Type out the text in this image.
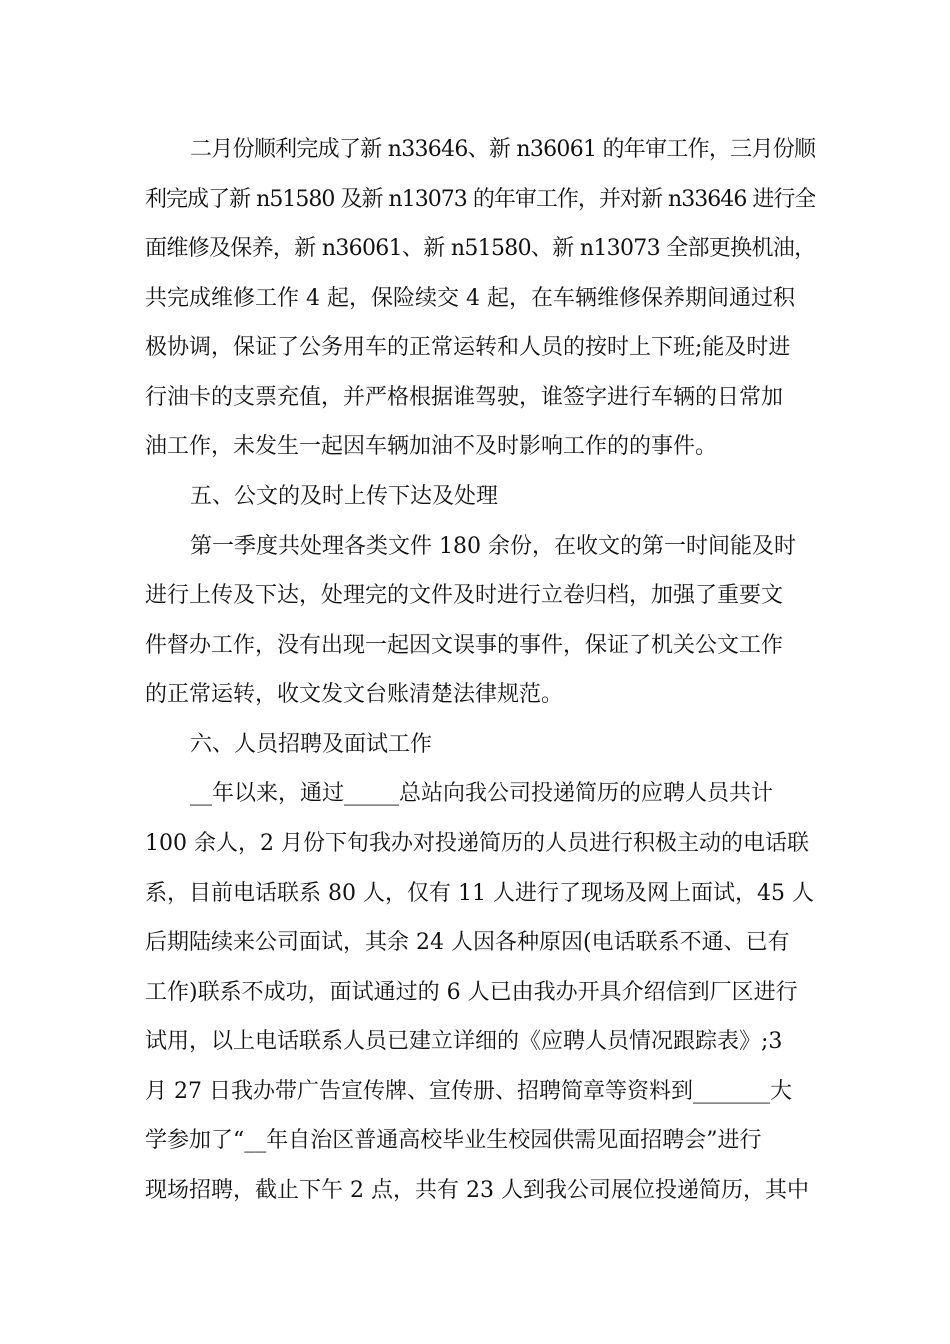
二月份顺利完成了新 n33646、新 n36061 的年审工作，三月份顺
利完成了新 n51580 及新 n13073 的年审工作，并对新 n33646 进行全
面维修及保养，新 n36061、新 n51580、新 n13073 全部更换机油，
共完成维修工作 4 起，保险续交 4 起，在车辆维修保养期间通过积
极协调，保证了公务用车的正常运转和人员的按时上下班;能及时进
行油卡的支票充值，并严格根据谁驾驶，谁签字进行车辆的日常加
油工作，未发生一起因车辆加油不及时影响工作的的事件。
五、公文的及时上传下达及处理
第一季度共处理各类文件 180 余份，在收文的第一时间能及时
进行上传及下达，处理完的文件及时进行立卷归档，加强了重要文
件督办工作，没有出现一起因文误事的事件，保证了机关公文工作
的正常运转，收文发文台账清楚法律规范。
六、人员招聘及面试工作
__年以来，通过_____总站向我公司投递简历的应聘人员共计
100 余人，2 月份下旬我办对投递简历的人员进行积极主动的电话联
系，目前电话联系 80 人，仅有 11 人进行了现场及网上面试，45 人
后期陆续来公司面试，其余 24 人因各种原因(电话联系不通、已有
工作)联系不成功，面试通过的 6 人已由我办开具介绍信到厂区进行
试用，以上电话联系人员已建立详细的《应聘人员情况跟踪表》;3
月 27 日我办带广告宣传牌、宣传册、招聘简章等资料到_______大
学参加了“__年自治区普通高校毕业生校园供需见面招聘会”进行
现场招聘，截止下午 2 点，共有 23 人到我公司展位投递简历，其中
